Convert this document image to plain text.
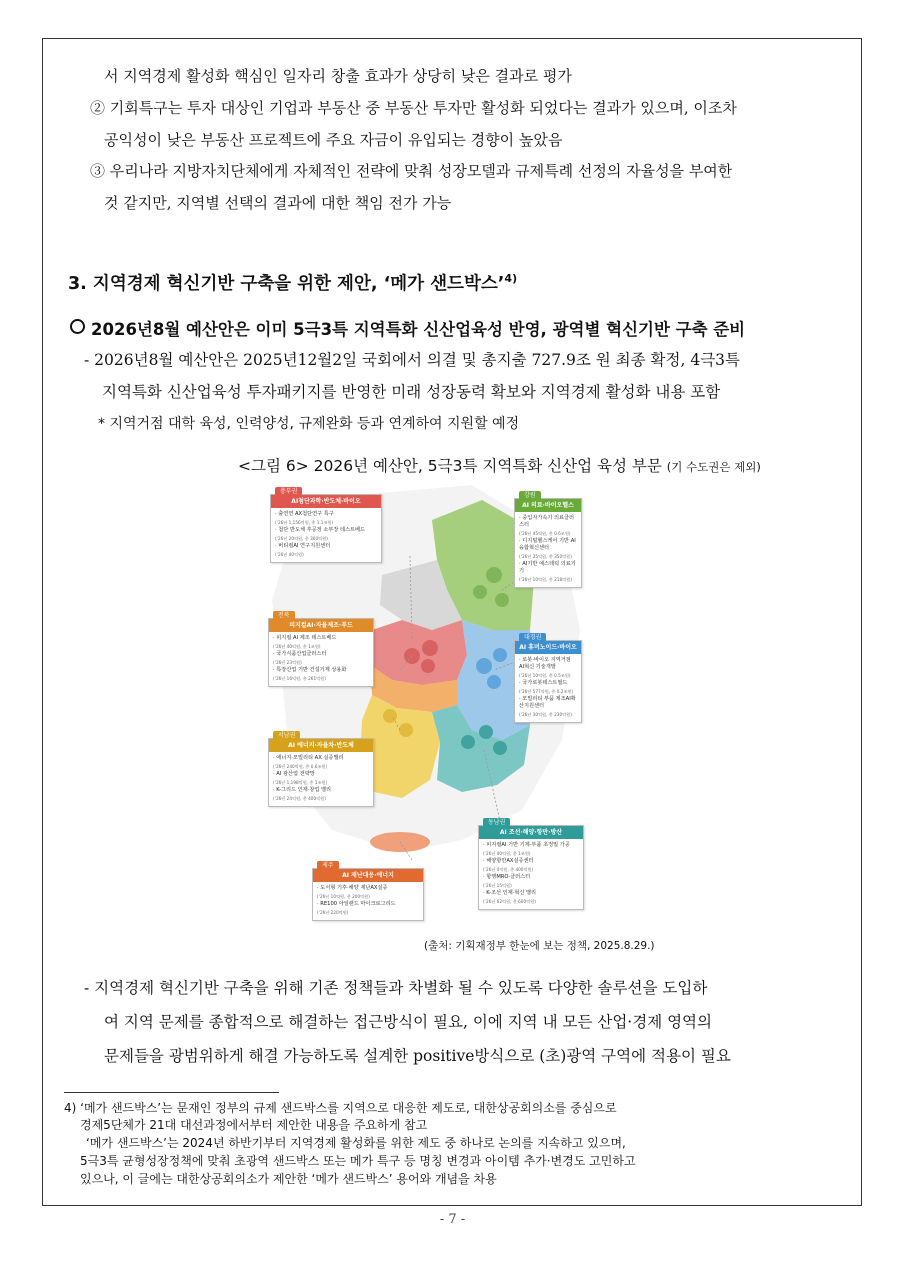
서 지역경제 활성화 핵심인 일자리 창출 효과가 상당히 낮은 결과로 평가
② 기회특구는 투자 대상인 기업과 부동산 중 부동산 투자만 활성화 되었다는 결과가 있으며, 이조차
공익성이 낮은 부동산 프로젝트에 주요 자금이 유입되는 경향이 높았음
③ 우리나라 지방자치단체에게 자체적인 전략에 맞춰 성장모델과 규제특례 선정의 자율성을 부여한
것 같지만, 지역별 선택의 결과에 대한 책임 전가 가능
3. 지역경제 혁신기반 구축을 위한 제안, ‘메가 샌드박스’$^{4)}$
2026년8월 예산안은 이미 5극3특 지역특화 신산업육성 반영, 광역별 혁신기반 구축 준비
- 2026년8월 예산안은 2025년12월2일 국회에서 의결 및 총지출 727.9조 원 최종 확정, 4극3특
지역특화 신산업육성 투자패키지를 반영한 미래 성장동력 확보와 지역경제 활성화 내용 포함
* 지역거점 대학 육성, 인력양성, 규제완화 등과 연계하여 지원할 예정
<그림 6> 2026년 예산안, 5극3특 지역특화 신산업 육성 부문 (기 수도권은 제외)
충부권
AI첨단과학·반도체·바이오
· 출연연 AX첨단연구 특구
(‘26년 1,156억원, 총 1.1조원)
· 첨단 반도체 후공정 소부장 테스트베드
(‘26년 20억원, 총 300억원)
· 버티컬AI 연구지원센터
(‘26년 40억원)
강원
AI 의료·바이오헬스
· 중입자가속기 의료클러스터
(‘26년 45억원, 총 0.6조원)
· 디지털헬스케어 기반 AI융합혁신센터
(‘26년 35억원, 총 350억원)
· AI기반 예스테틱 의료기기
(‘26년 10억원, 총 218억원)
전북
피지컬AI·자율제조·푸드
· 피지컬 AI 제조 테스트베드
(‘26년 40억원, 총 1조원)
· 국가식품산업클러스터
(‘26년 23억원)
· 특장산업 기반 건설기계 상용화
(‘26년 16억원, 총 261억원)
대경권
AI 휴머노이드·바이오
· 로봇·바이오 지역거점 AI혁신 기술개발
(‘26년 10억원, 총 0.5조원)
· 국가로봇테스트필드
(‘26년 577억원, 총 0.2조원)
· 모빌리티 부품 제조AI확산지원센터
(‘26년 30억원, 총 230억원)
서남권
AI 에너지·자율차·반도체
· 에너지·모빌리티 AX 실증밸리
(‘26년 240억원, 총 0.6조원)
· AI 광산업 전략망
(‘26년 1,198억원, 총 1조원)
· K-그리드 인재·창업 밸리
(‘26년 24억원, 총 400억원)
동남권
AI 조선·해양·항만·방산
· 피지컬AI 기반 기계·부품 초정밀 가공
(‘26년 40억원, 총 1조원)
· 해양항만AX실증센터
(‘26년 4억원, 총 400억원)
· 항행MRO·클러스터
(‘26년 15억원)
· K-조선 인재·혁신 밸리
(‘26년 62억원, 총 600억원)
제주
AI 재난대응·에너지
· 도서형 기후·해양 재난AX실증
(‘26년 10억원, 총 200억원)
· RE100 아일랜드 마이크로그리드
(‘26년 220억원)
(출처: 기획재정부 한눈에 보는 정책, 2025.8.29.)
- 지역경제 혁신기반 구축을 위해 기존 정책들과 차별화 될 수 있도록 다양한 솔루션을 도입하
여 지역 문제를 종합적으로 해결하는 접근방식이 필요, 이에 지역 내 모든 산업·경제 영역의
문제들을 광범위하게 해결 가능하도록 설계한 positive방식으로 (초)광역 구역에 적용이 필요
4) ‘메가 샌드박스’는 문재인 정부의 규제 샌드박스를 지역으로 대응한 제도로, 대한상공회의소를 중심으로
경제5단체가 21대 대선과정에서부터 제안한 내용을 주요하게 참고
‘메가 샌드박스’는 2024년 하반기부터 지역경제 활성화를 위한 제도 중 하나로 논의를 지속하고 있으며,
5극3특 균형성장정책에 맞춰 초광역 샌드박스 또는 메가 특구 등 명칭 변경과 아이템 추가·변경도 고민하고
있으나, 이 글에는 대한상공회의소가 제안한 ‘메가 샌드박스’ 용어와 개념을 차용
- 7 -
